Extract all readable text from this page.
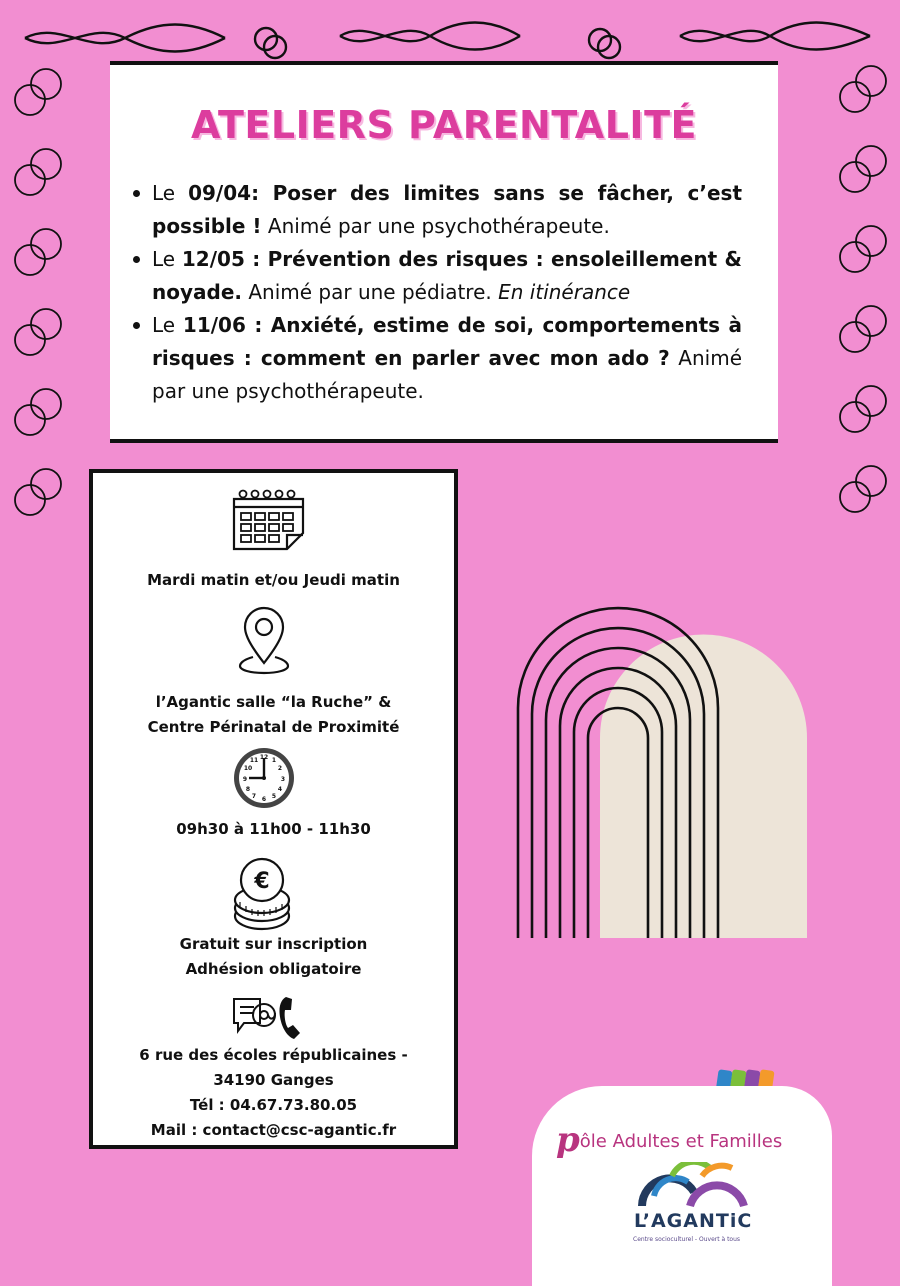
ATELIERS PARENTALITÉ
Le 09/04: Poser des limites sans se fâcher, c’est possible ! Animé par une psychothérapeute.
Le 12/05 : Prévention des risques : ensoleillement & noyade. Animé par une pédiatre. En itinérance
Le 11/06 : Anxiété, estime de soi, comportements à risques : comment en parler avec mon ado ? Animé par une psychothérapeute.
Mardi matin et/ou Jeudi matin
l’Agantic salle “la Ruche” &
Centre Périnatal de Proximité
12
3
6
9
1
2
4
5
7
8
10
11
09h30 à 11h00 - 11h30
€
Gratuit sur inscription
Adhésion obligatoire
6 rue des écoles républicaines -
34190 Ganges
Tél : 04.67.73.80.05
Mail : contact@csc-agantic.fr	pôle Adultes et Familles
L’AGANTiC
Centre socioculturel - Ouvert à tous
